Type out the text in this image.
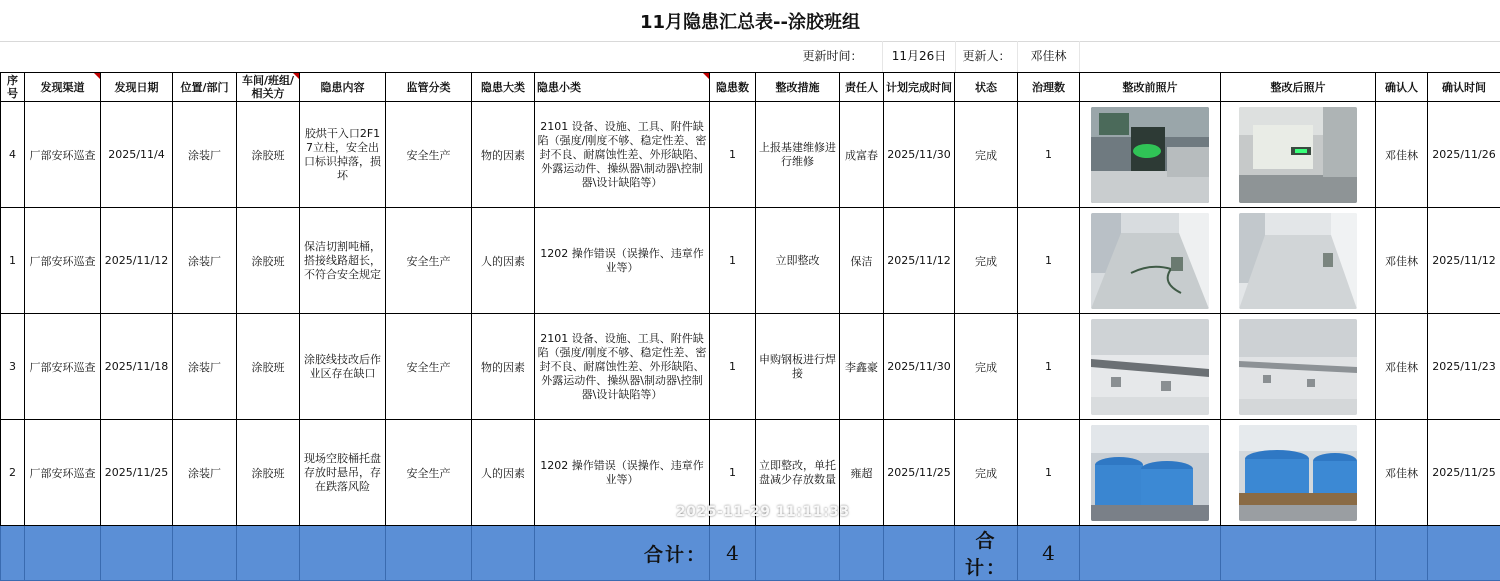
11月隐患汇总表--涂胶班组
更新时间：	11月26日	更新人：	邓佳林
序号	发现渠道	发现日期	位置/部门	车间/班组/相关方	隐患内容	监管分类	隐患大类	隐患小类	隐患数	整改措施	责任人	计划完成时间	状态	治理数	整改前照片	整改后照片	确认人	确认时间
4	厂部安环巡查	2025/11/4	涂装厂	涂胶班	胶烘干入口2F17立柱，安全出口标识掉落，损坏	安全生产	物的因素	2101 设备、设施、工具、附件缺陷（强度/刚度不够、稳定性差、密封不良、耐腐蚀性差、外形缺陷、外露运动件、操纵器\制动器\控制器\设计缺陷等）	1	上报基建维修进行维修	成富春	2025/11/30	完成	1			邓佳林	2025/11/26
1	厂部安环巡查	2025/11/12	涂装厂	涂胶班	保洁切割吨桶，搭接线路超长，不符合安全规定	安全生产	人的因素	1202 操作错误（误操作、违章作业等）	1	立即整改	保洁	2025/11/12	完成	1			邓佳林	2025/11/12
3	厂部安环巡查	2025/11/18	涂装厂	涂胶班	涂胶线技改后作业区存在缺口	安全生产	物的因素	2101 设备、设施、工具、附件缺陷（强度/刚度不够、稳定性差、密封不良、耐腐蚀性差、外形缺陷、外露运动件、操纵器\制动器\控制器\设计缺陷等）	1	申购钢板进行焊接	李鑫豪	2025/11/30	完成	1			邓佳林	2025/11/23
2	厂部安环巡查	2025/11/25	涂装厂	涂胶班	现场空胶桶托盘存放时悬吊，存在跌落风险	安全生产	人的因素	1202 操作错误（误操作、违章作业等）	1	立即整改，单托盘减少存放数量	雍超	2025/11/25	完成	1			邓佳林	2025/11/25
								合计：	4				合计：	4				
2025-11-29 11:11:33
